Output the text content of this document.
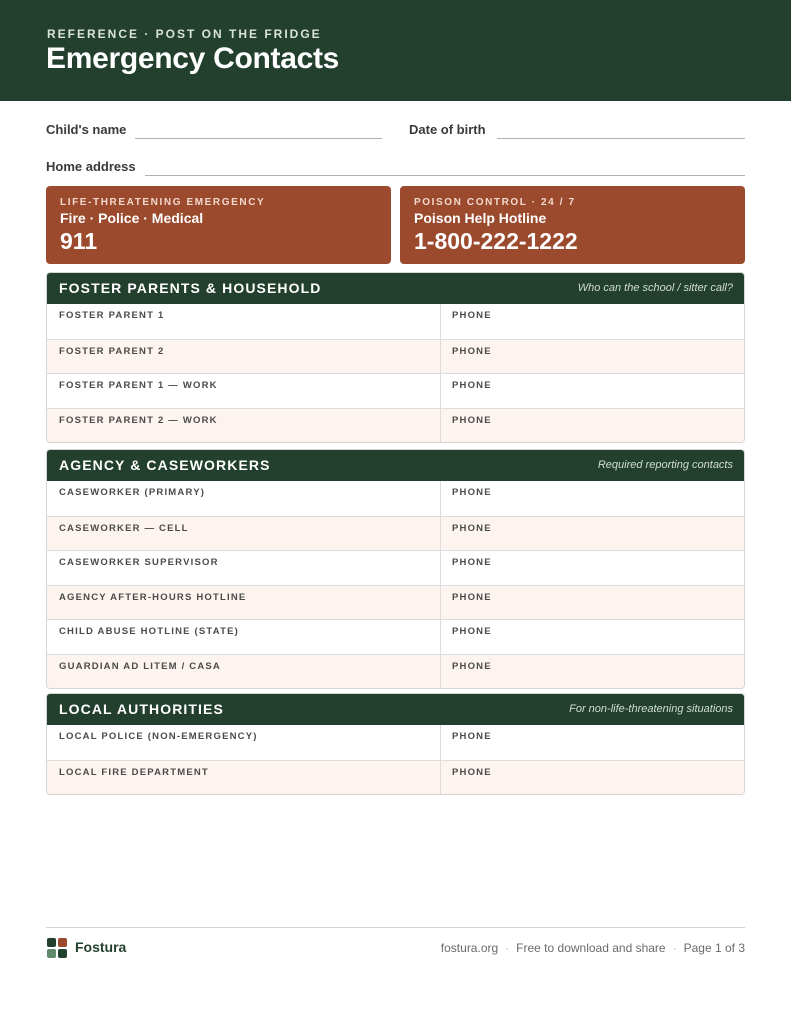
REFERENCE · POST ON THE FRIDGE
Emergency Contacts
Child's name	Date of birth
Home address
LIFE-THREATENING EMERGENCY
Fire · Police · Medical
911
POISON CONTROL · 24 / 7
Poison Help Hotline
1-800-222-1222
FOSTER PARENTS & HOUSEHOLD	Who can the school / sitter call?
FOSTER PARENT 1	PHONE
FOSTER PARENT 2	PHONE
FOSTER PARENT 1 — WORK	PHONE
FOSTER PARENT 2 — WORK	PHONE
AGENCY & CASEWORKERS	Required reporting contacts
CASEWORKER (PRIMARY)	PHONE
CASEWORKER — CELL	PHONE
CASEWORKER SUPERVISOR	PHONE
AGENCY AFTER-HOURS HOTLINE	PHONE
CHILD ABUSE HOTLINE (STATE)	PHONE
GUARDIAN AD LITEM / CASA	PHONE
LOCAL AUTHORITIES	For non-life-threatening situations
LOCAL POLICE (NON-EMERGENCY)	PHONE
LOCAL FIRE DEPARTMENT	PHONE
Fostura	fostura.org · Free to download and share · Page 1 of 3
